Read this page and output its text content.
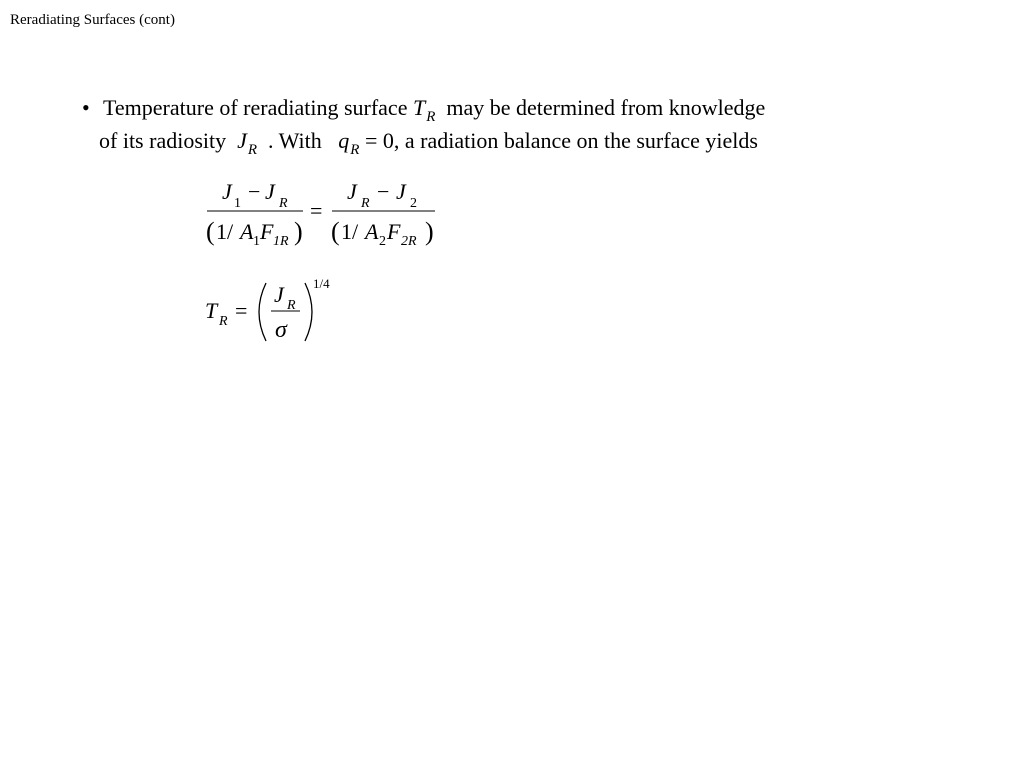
Reradiating Surfaces (cont)
• Temperature of reradiating surface $T_R$ may be determined from knowledge
of its radiosity $J_R$ . With $q_R = 0$, a radiation balance on the surface yields
J 1 − J R
( 1/ A 1 F 1R )
=
J R − J 2
( 1/ A 2 F 2R )
T R =
J R
σ
1/4
